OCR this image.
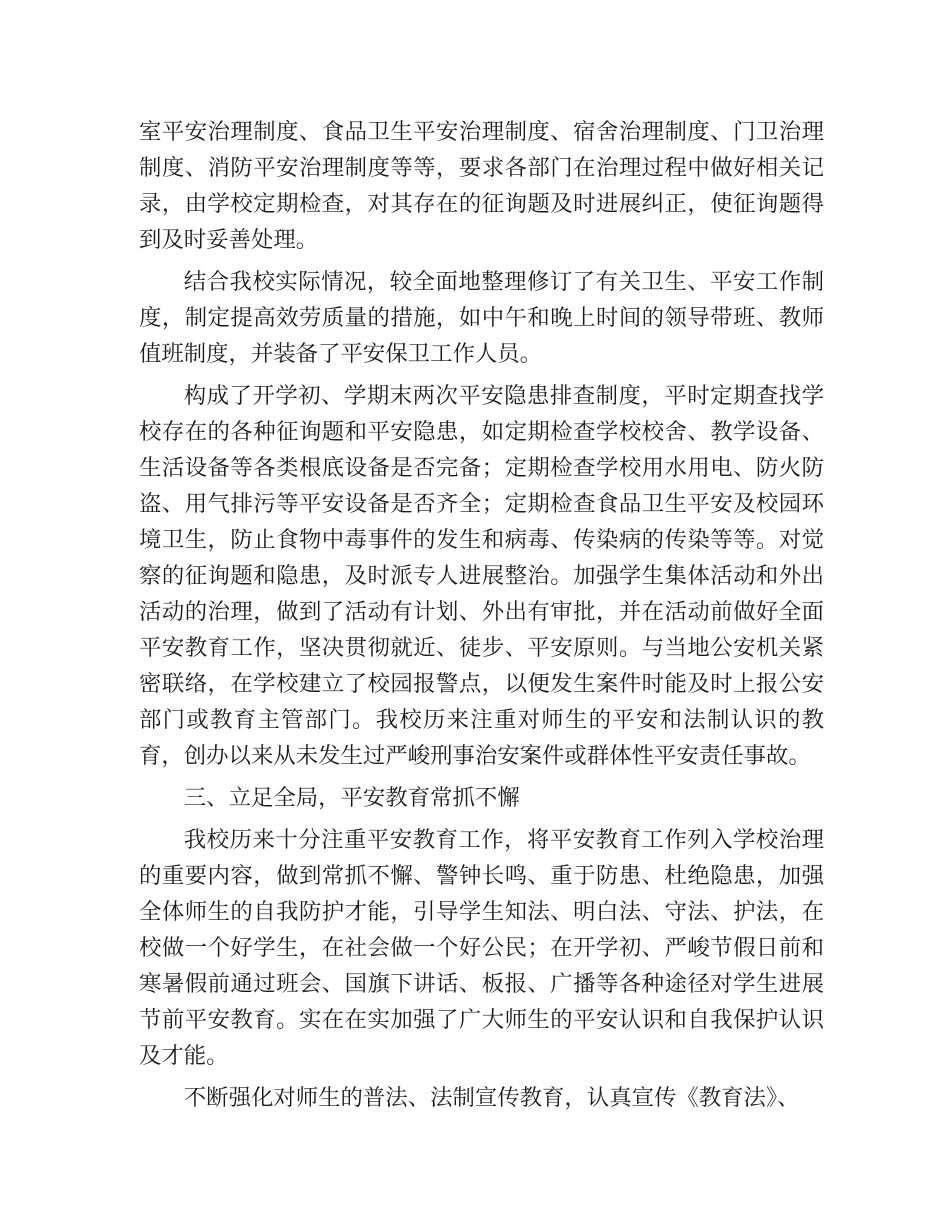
室平安治理制度、食品卫生平安治理制度、宿舍治理制度、门卫治理制度、消防平安治理制度等等，要求各部门在治理过程中做好相关记录，由学校定期检查，对其存在的征询题及时进展纠正，使征询题得到及时妥善处理。

结合我校实际情况，较全面地整理修订了有关卫生、平安工作制度，制定提高效劳质量的措施，如中午和晚上时间的领导带班、教师值班制度，并装备了平安保卫工作人员。

构成了开学初、学期末两次平安隐患排查制度，平时定期查找学校存在的各种征询题和平安隐患，如定期检查学校校舍、教学设备、生活设备等各类根底设备是否完备；定期检查学校用水用电、防火防盗、用气排污等平安设备是否齐全；定期检查食品卫生平安及校园环境卫生，防止食物中毒事件的发生和病毒、传染病的传染等等。对觉察的征询题和隐患，及时派专人进展整治。加强学生集体活动和外出活动的治理，做到了活动有计划、外出有审批，并在活动前做好全面平安教育工作，坚决贯彻就近、徒步、平安原则。与当地公安机关紧密联络，在学校建立了校园报警点，以便发生案件时能及时上报公安部门或教育主管部门。我校历来注重对师生的平安和法制认识的教育，创办以来从未发生过严峻刑事治安案件或群体性平安责任事故。

三、立足全局，平安教育常抓不懈

我校历来十分注重平安教育工作，将平安教育工作列入学校治理的重要内容，做到常抓不懈、警钟长鸣、重于防患、杜绝隐患，加强全体师生的自我防护才能，引导学生知法、明白法、守法、护法，在校做一个好学生，在社会做一个好公民；在开学初、严峻节假日前和寒暑假前通过班会、国旗下讲话、板报、广播等各种途径对学生进展节前平安教育。实在在实加强了广大师生的平安认识和自我保护认识及才能。

不断强化对师生的普法、法制宣传教育，认真宣传《教育法》、
